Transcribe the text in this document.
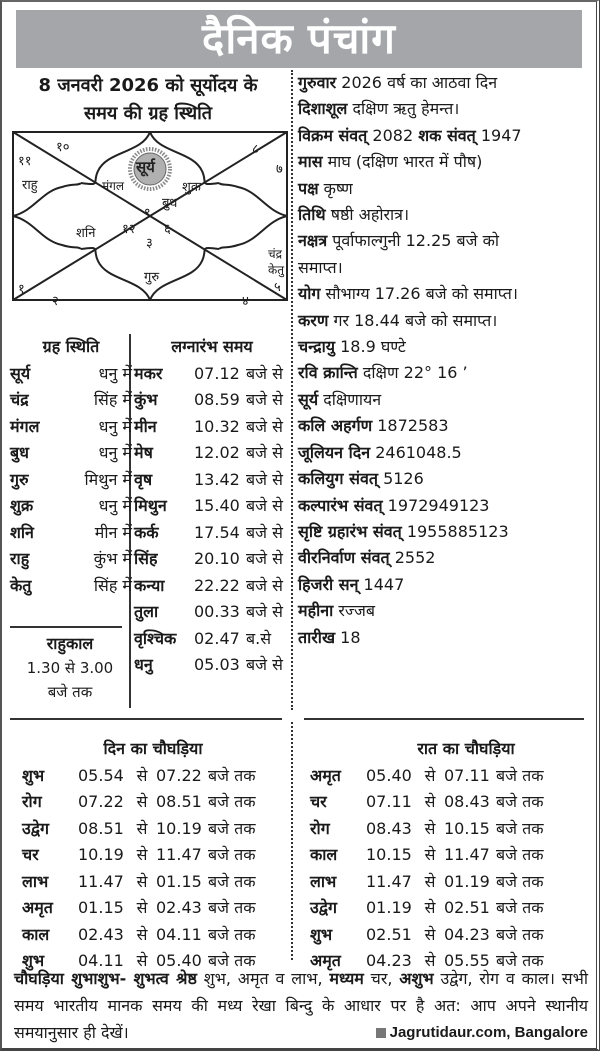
दैनिक पंचांग
8 जनवरी 2026 को सूर्योदय के
समय की ग्रह स्थिति
सूर्य
१०
११
८
७
९
१२ ६
३
१
२	४
५
राहु	मंगल	शुक्र
बुध
शनि
गुरु
चंद्र
केतु
गुरुवार 2026 वर्ष का आठवा दिन
दिशाशूल दक्षिण ऋतु हेमन्त।
विक्रम संवत् 2082 शक संवत् 1947
मास माघ (दक्षिण भारत में पौष)
पक्ष कृष्ण
तिथि षष्ठी अहोरात्र।
नक्षत्र पूर्वाफाल्गुनी 12.25 बजे को
समाप्त।
योग सौभाग्य 17.26 बजे को समाप्त।
करण गर 18.44 बजे को समाप्त।
चन्द्रायु 18.9 घण्टे
रवि क्रान्ति दक्षिण 22° 16 ’
सूर्य दक्षिणायन
कलि अहर्गण 1872583
जूलियन दिन 2461048.5
कलियुग संवत् 5126
कल्पारंभ संवत् 1972949123
सृष्टि ग्रहारंभ संवत् 1955885123
वीरनिर्वाण संवत् 2552
हिजरी सन् 1447
महीना रज्जब
तारीख 18
ग्रह स्थिति
सूर्य	धनु में
चंद्र	सिंह में
मंगल	धनु में
बुध	धनु में
गुरु	मिथुन में
शुक्र	धनु में
शनि	मीन में
राहु	कुंभ में
केतु	सिंह में
राहुकाल
1.30 से 3.00
बजे तक
लग्नारंभ समय
मकर	07.12 बजे से
कुंभ	08.59 बजे से
मीन	10.32 बजे से
मेष	12.02 बजे से
वृष	13.42 बजे से
मिथुन	15.40 बजे से
कर्क	17.54 बजे से
सिंह	20.10 बजे से
कन्या	22.22 बजे से
तुला	00.33 बजे से
वृश्चिक	02.47 ब.से
धनु	05.03 बजे से
दिन का चौघड़िया
शुभ	05.54 से 07.22 बजे तक
रोग	07.22 से 08.51 बजे तक
उद्वेग	08.51 से 10.19 बजे तक
चर	10.19 से 11.47 बजे तक
लाभ	11.47 से 01.15 बजे तक
अमृत	01.15 से 02.43 बजे तक
काल	02.43 से 04.11 बजे तक
शुभ	04.11 से 05.40 बजे तक
रात का चौघड़िया
अमृत	05.40 से 07.11 बजे तक
चर	07.11 से 08.43 बजे तक
रोग	08.43 से 10.15 बजे तक
काल	10.15 से 11.47 बजे तक
लाभ	11.47 से 01.19 बजे तक
उद्वेग	01.19 से 02.51 बजे तक
शुभ	02.51 से 04.23 बजे तक
अमृत	04.23 से 05.55 बजे तक
चौघड़िया शुभाशुभ- शुभत्व श्रेष्ठ शुभ, अमृत व लाभ, मध्यम चर, अशुभ उद्वेग, रोग व काल। सभी समय भारतीय मानक समय की मध्य रेखा बिन्दु के आधार पर है अत: आप अपने स्थानीय समयानुसार ही देखें।	Jagrutidaur.com, Bangalore
